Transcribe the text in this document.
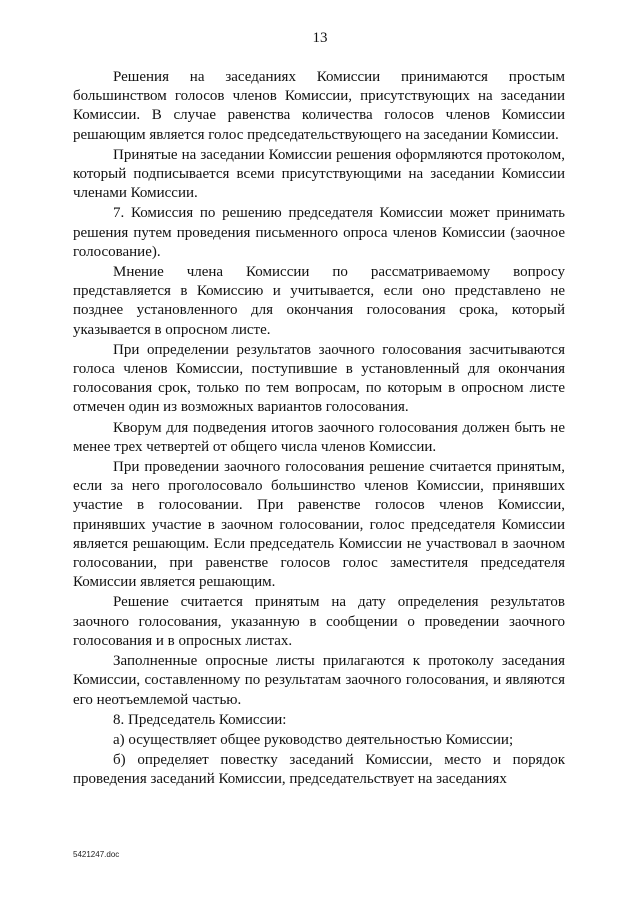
13

Решения на заседаниях Комиссии принимаются простым большинством голосов членов Комиссии, присутствующих на заседании Комиссии. В случае равенства количества голосов членов Комиссии решающим является голос председательствующего на заседании Комиссии.

Принятые на заседании Комиссии решения оформляются протоколом, который подписывается всеми присутствующими на заседании Комиссии членами Комиссии.

7. Комиссия по решению председателя Комиссии может принимать решения путем проведения письменного опроса членов Комиссии (заочное голосование).

Мнение члена Комиссии по рассматриваемому вопросу представляется в Комиссию и учитывается, если оно представлено не позднее установленного для окончания голосования срока, который указывается в опросном листе.

При определении результатов заочного голосования засчитываются голоса членов Комиссии, поступившие в установленный для окончания голосования срок, только по тем вопросам, по которым в опросном листе отмечен один из возможных вариантов голосования.

Кворум для подведения итогов заочного голосования должен быть не менее трех четвертей от общего числа членов Комиссии.

При проведении заочного голосования решение считается принятым, если за него проголосовало большинство членов Комиссии, принявших участие в голосовании. При равенстве голосов членов Комиссии, принявших участие в заочном голосовании, голос председателя Комиссии является решающим. Если председатель Комиссии не участвовал в заочном голосовании, при равенстве голосов голос заместителя председателя Комиссии является решающим.

Решение считается принятым на дату определения результатов заочного голосования, указанную в сообщении о проведении заочного голосования и в опросных листах.

Заполненные опросные листы прилагаются к протоколу заседания Комиссии, составленному по результатам заочного голосования, и являются его неотъемлемой частью.

8. Председатель Комиссии:

а) осуществляет общее руководство деятельностью Комиссии;

б) определяет повестку заседаний Комиссии, место и порядок проведения заседаний Комиссии, председательствует на заседаниях

5421247.doc
